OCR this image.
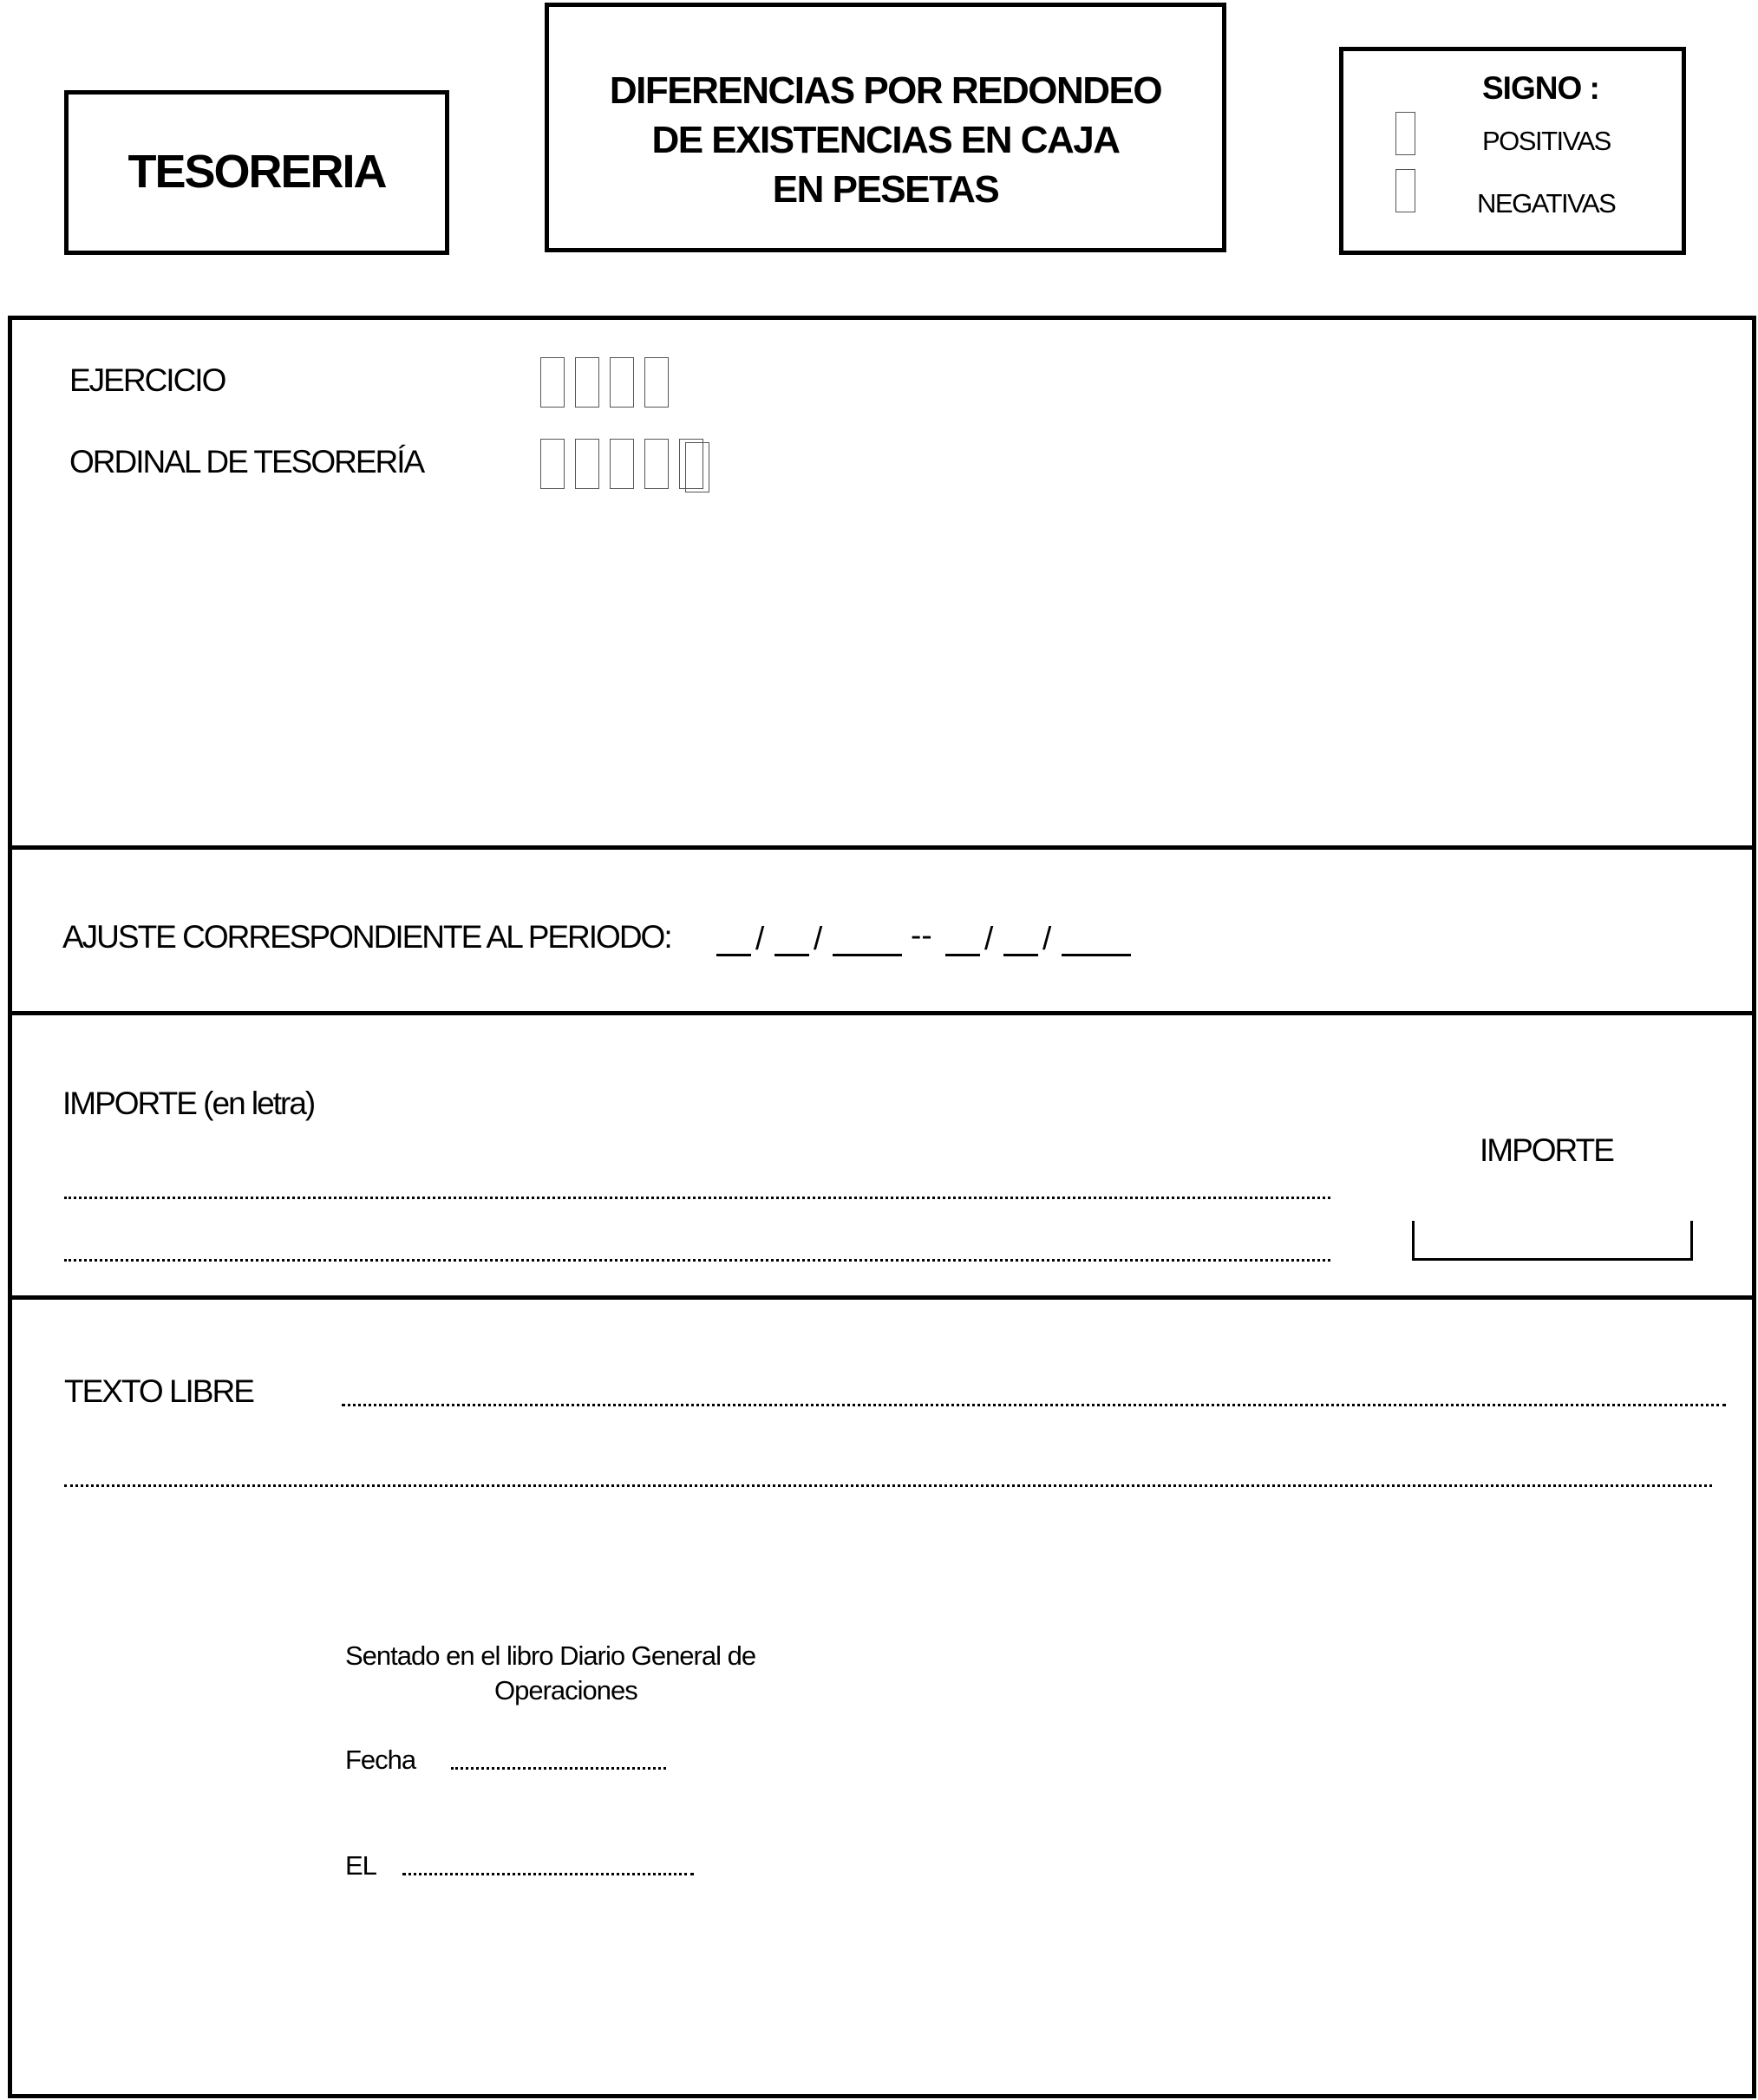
TESORERIA
DIFERENCIAS POR REDONDEO
DE EXISTENCIAS EN CAJA
EN PESETAS
SIGNO :
POSITIVAS
NEGATIVAS
EJERCICIO
ORDINAL DE TESORERÍA
AJUSTE CORRESPONDIENTE AL PERIODO:	/ /	-- / /
IMPORTE (en letra)
IMPORTE
TEXTO LIBRE
Sentado en el libro Diario General de
Operaciones
Fecha
EL
